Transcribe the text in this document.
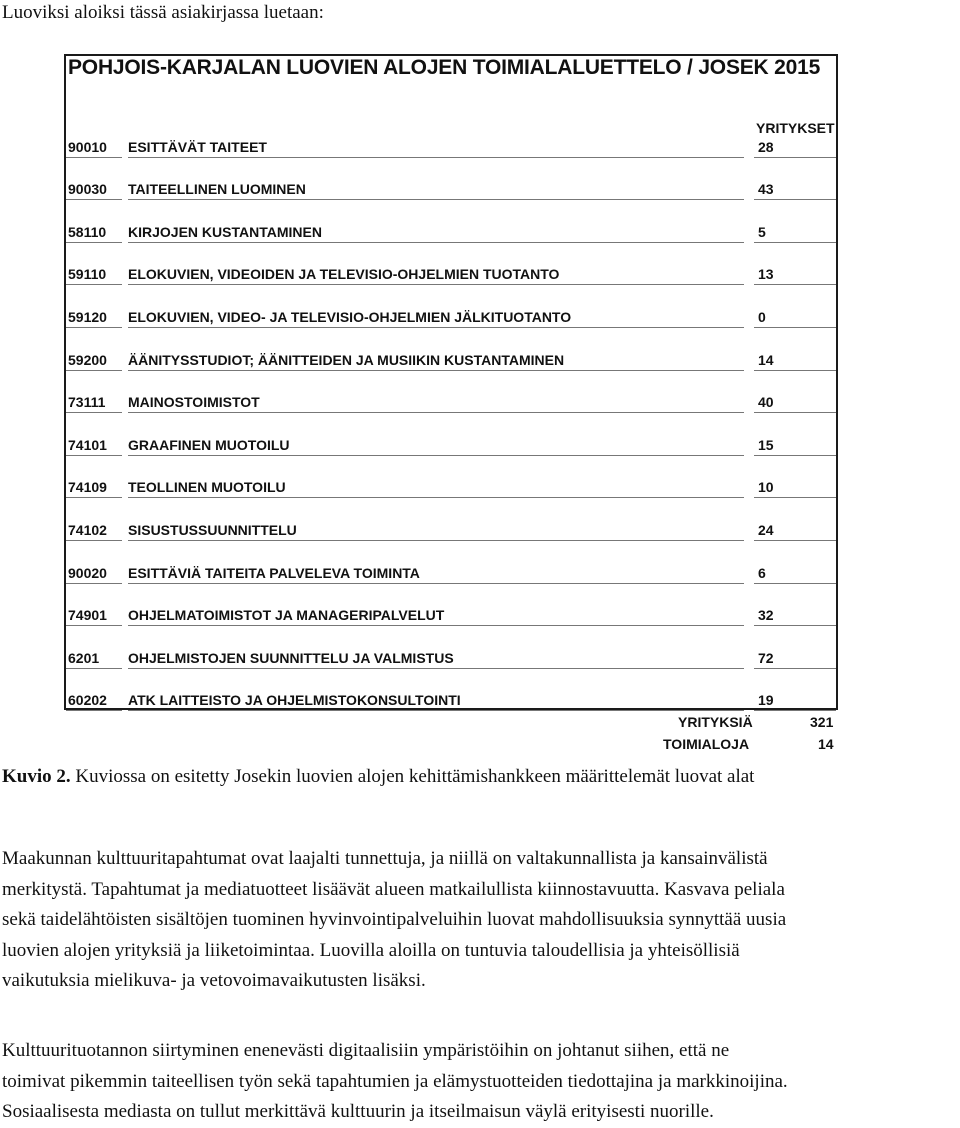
Luoviksi aloiksi tässä asiakirjassa luetaan:
POHJOIS-KARJALAN LUOVIEN ALOJEN TOIMIALALUETTELO / JOSEK 2015
YRITYKSET
90010	ESITTÄVÄT TAITEET	28
90030	TAITEELLINEN LUOMINEN	43
58110	KIRJOJEN KUSTANTAMINEN	5
59110	ELOKUVIEN, VIDEOIDEN JA TELEVISIO-OHJELMIEN TUOTANTO	13
59120	ELOKUVIEN, VIDEO- JA TELEVISIO-OHJELMIEN JÄLKITUOTANTO	0
59200	ÄÄNITYSSTUDIOT; ÄÄNITTEIDEN JA MUSIIKIN KUSTANTAMINEN	14
73111	MAINOSTOIMISTOT	40
74101	GRAAFINEN MUOTOILU	15
74109	TEOLLINEN MUOTOILU	10
74102	SISUSTUSSUUNNITTELU	24
90020	ESITTÄVIÄ TAITEITA PALVELEVA TOIMINTA	6
74901	OHJELMATOIMISTOT JA MANAGERIPALVELUT	32
6201	OHJELMISTOJEN SUUNNITTELU JA VALMISTUS	72
60202	ATK LAITTEISTO JA OHJELMISTOKONSULTOINTI	19
YRITYKSIÄ	321
TOIMIALOJA	14
Kuvio 2. Kuviossa on esitetty Josekin luovien alojen kehittämishankkeen määrittelemät luovat alat
Maakunnan kulttuuritapahtumat ovat laajalti tunnettuja, ja niillä on valtakunnallista ja kansainvälistä
merkitystä. Tapahtumat ja mediatuotteet lisäävät alueen matkailullista kiinnostavuutta. Kasvava peliala
sekä taidelähtöisten sisältöjen tuominen hyvinvointipalveluihin luovat mahdollisuuksia synnyttää uusia
luovien alojen yrityksiä ja liiketoimintaa. Luovilla aloilla on tuntuvia taloudellisia ja yhteisöllisiä
vaikutuksia mielikuva- ja vetovoimavaikutusten lisäksi.
Kulttuurituotannon siirtyminen enenevästi digitaalisiin ympäristöihin on johtanut siihen, että ne
toimivat pikemmin taiteellisen työn sekä tapahtumien ja elämystuotteiden tiedottajina ja markkinoijina.
Sosiaalisesta mediasta on tullut merkittävä kulttuurin ja itseilmaisun väylä erityisesti nuorille.
